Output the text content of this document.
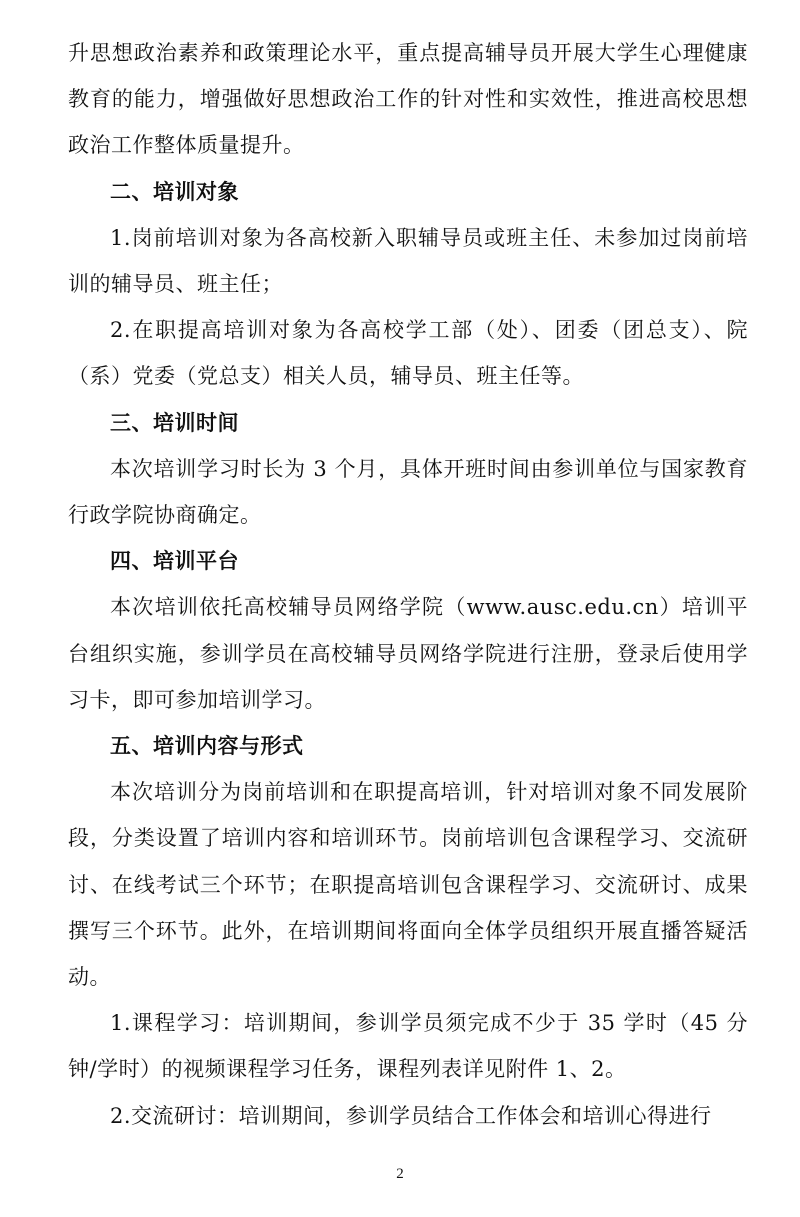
升思想政治素养和政策理论水平，重点提高辅导员开展大学生心理健康教育的能力，增强做好思想政治工作的针对性和实效性，推进高校思想政治工作整体质量提升。

二、培训对象

1.岗前培训对象为各高校新入职辅导员或班主任、未参加过岗前培训的辅导员、班主任；

2.在职提高培训对象为各高校学工部（处）、团委（团总支）、院（系）党委（党总支）相关人员，辅导员、班主任等。

三、培训时间

本次培训学习时长为 3 个月，具体开班时间由参训单位与国家教育行政学院协商确定。

四、培训平台

本次培训依托高校辅导员网络学院（www.ausc.edu.cn）培训平台组织实施，参训学员在高校辅导员网络学院进行注册，登录后使用学习卡，即可参加培训学习。

五、培训内容与形式

本次培训分为岗前培训和在职提高培训，针对培训对象不同发展阶段，分类设置了培训内容和培训环节。岗前培训包含课程学习、交流研讨、在线考试三个环节；在职提高培训包含课程学习、交流研讨、成果撰写三个环节。此外，在培训期间将面向全体学员组织开展直播答疑活动。

1.课程学习：培训期间，参训学员须完成不少于 35 学时（45 分钟/学时）的视频课程学习任务，课程列表详见附件 1、2。

2.交流研讨：培训期间，参训学员结合工作体会和培训心得进行

2
